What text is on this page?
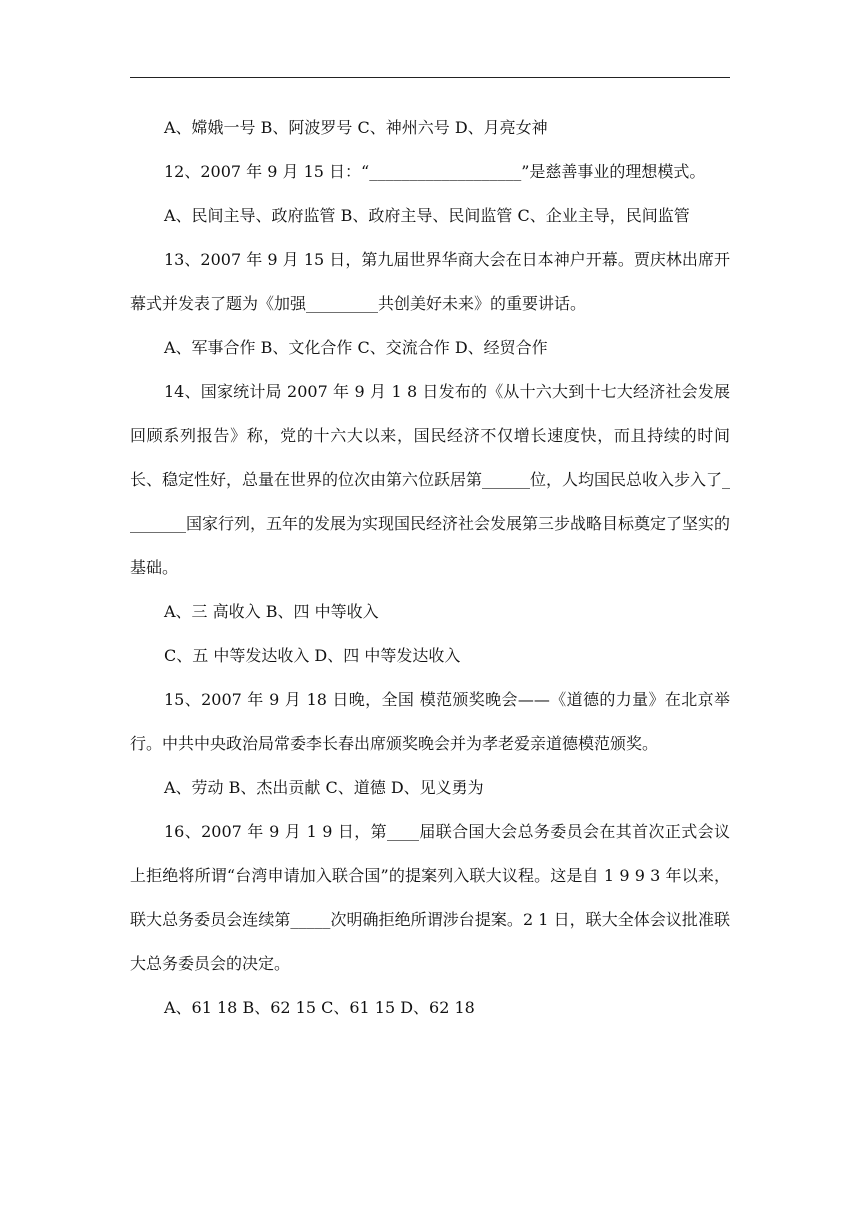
A、嫦娥一号 B、阿波罗号 C、神州六号 D、月亮女神

12、2007 年 9 月 15 日：“___________________”是慈善事业的理想模式。

A、民间主导、政府监管 B、政府主导、民间监管 C、企业主导，民间监管

13、2007 年 9 月 15 日，第九届世界华商大会在日本神户开幕。贾庆林出席开幕式并发表了题为《加强_________共创美好未来》的重要讲话。

A、军事合作 B、文化合作 C、交流合作 D、经贸合作

14、国家统计局 2007 年 9 月 1 8 日发布的《从十六大到十七大经济社会发展回顾系列报告》称，党的十六大以来，国民经济不仅增长速度快，而且持续的时间长、稳定性好，总量在世界的位次由第六位跃居第______位，人均国民总收入步入了________国家行列，五年的发展为实现国民经济社会发展第三步战略目标奠定了坚实的基础。

A、三 高收入 B、四 中等收入

C、五 中等发达收入 D、四 中等发达收入

15、2007 年 9 月 18 日晚，全国 模范颁奖晚会——《道德的力量》在北京举行。中共中央政治局常委李长春出席颁奖晚会并为孝老爱亲道德模范颁奖。

A、劳动 B、杰出贡献 C、道德 D、见义勇为

16、2007 年 9 月 1 9 日，第____届联合国大会总务委员会在其首次正式会议上拒绝将所谓“台湾申请加入联合国”的提案列入联大议程。这是自 1 9 9 3 年以来，联大总务委员会连续第_____次明确拒绝所谓涉台提案。2 1 日，联大全体会议批准联大总务委员会的决定。

A、61 18 B、62 15 C、61 15 D、62 18
